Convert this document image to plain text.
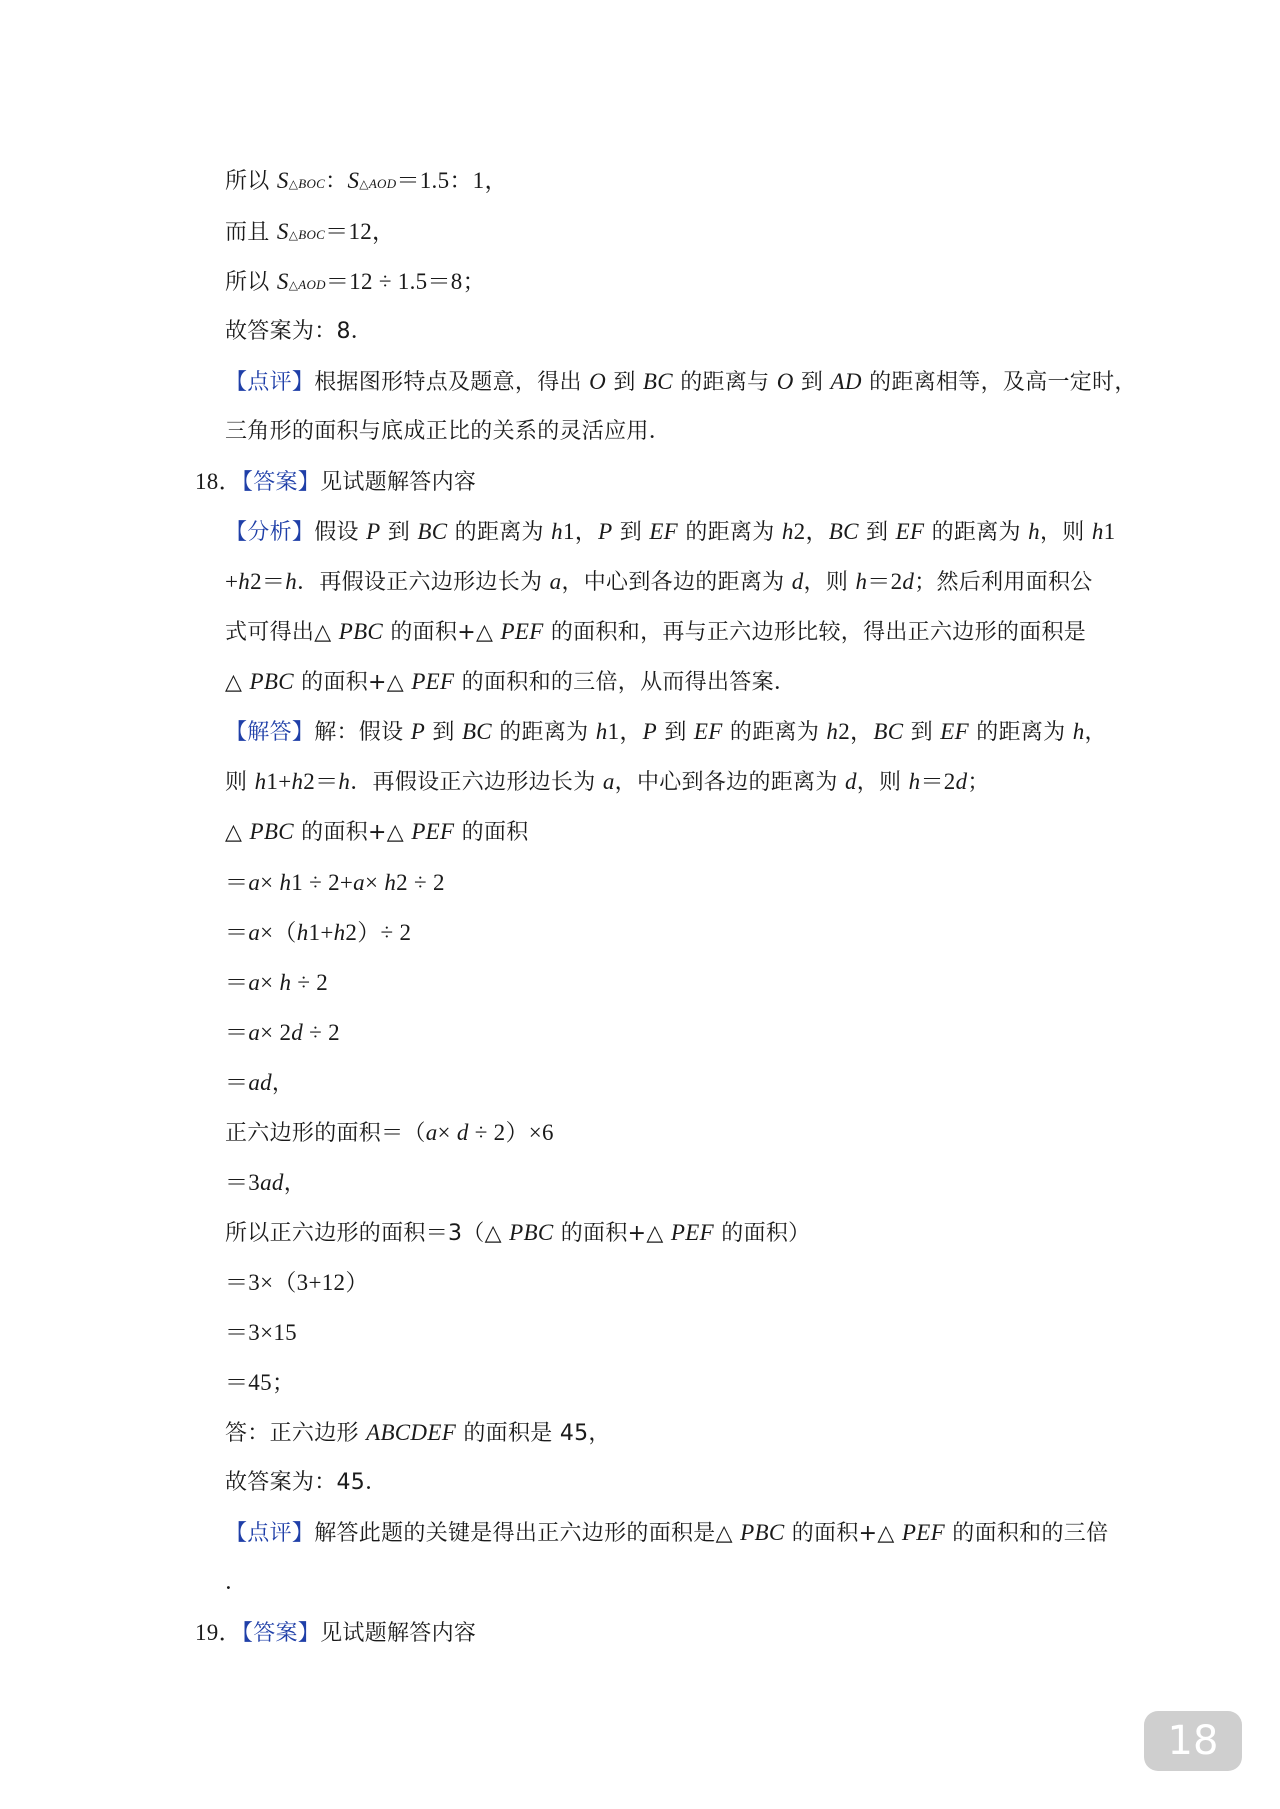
所以 S△BOC：S△AOD＝1.5：1，
而且 S△BOC＝12，
所以 S△AOD＝12 ÷ 1.5＝8；
故答案为：8．
【点评】根据图形特点及题意，得出 O 到 BC 的距离与 O 到 AD 的距离相等，及高一定时，
三角形的面积与底成正比的关系的灵活应用．
18．【答案】见试题解答内容
【分析】假设 P 到 BC 的距离为 h1，P 到 EF 的距离为 h2，BC 到 EF 的距离为 h，则 h1
+h2＝h．再假设正六边形边长为 a，中心到各边的距离为 d，则 h＝2d；然后利用面积公
式可得出△ PBC 的面积+△ PEF 的面积和，再与正六边形比较，得出正六边形的面积是
△ PBC 的面积+△ PEF 的面积和的三倍，从而得出答案．
【解答】解：假设 P 到 BC 的距离为 h1，P 到 EF 的距离为 h2，BC 到 EF 的距离为 h，
则 h1+h2＝h．再假设正六边形边长为 a，中心到各边的距离为 d，则 h＝2d；
△ PBC 的面积+△ PEF 的面积
＝a× h1 ÷ 2+a× h2 ÷ 2
＝a×（h1+h2）÷ 2
＝a× h ÷ 2
＝a× 2d ÷ 2
＝ad，
正六边形的面积＝（a× d ÷ 2）×6
＝3ad，
所以正六边形的面积＝3（△ PBC 的面积+△ PEF 的面积）
＝3×（3+12）
＝3×15
＝45；
答：正六边形 ABCDEF 的面积是 45，
故答案为：45．
【点评】解答此题的关键是得出正六边形的面积是△ PBC 的面积+△ PEF 的面积和的三倍
．
19．【答案】见试题解答内容
18
